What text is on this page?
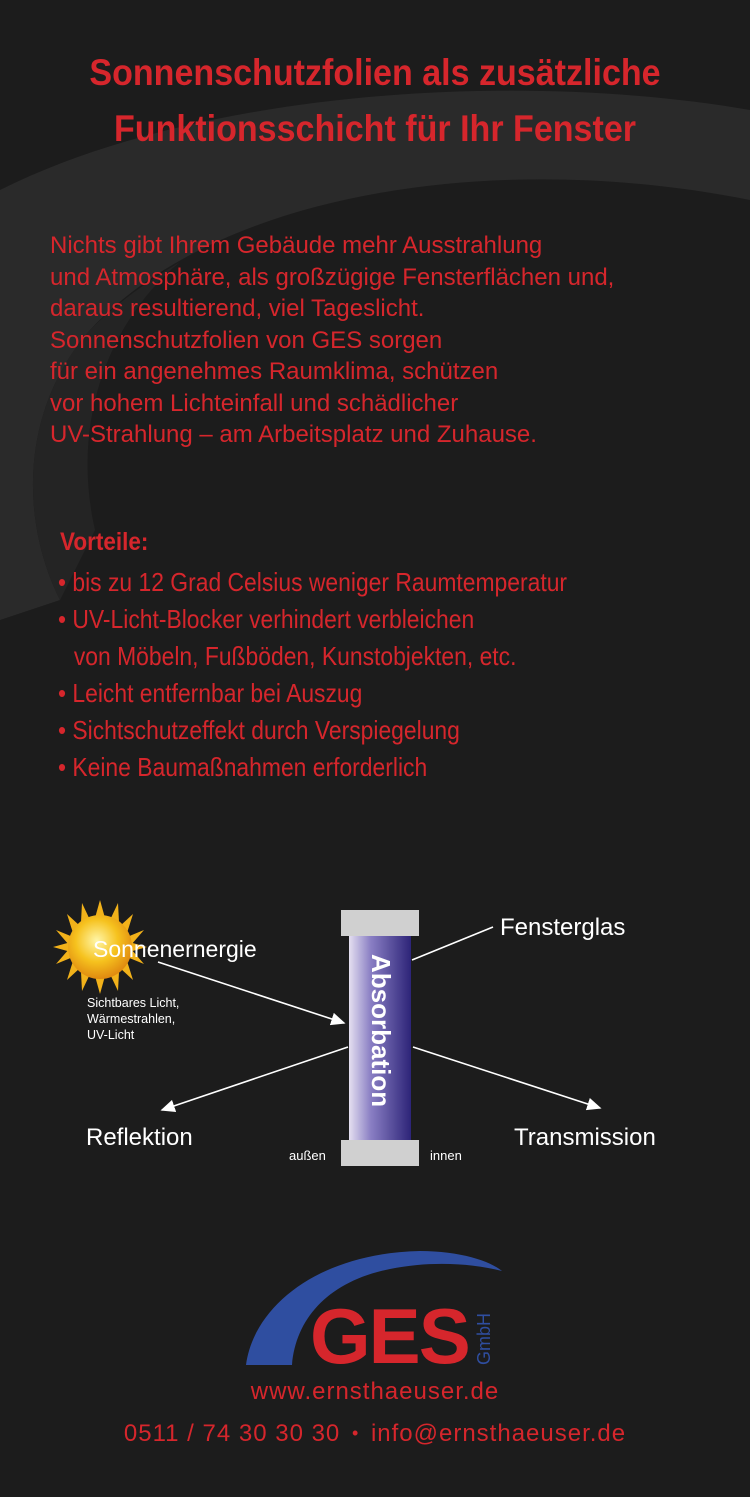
Sonnenschutzfolien als zusätzliche
Funktionsschicht für Ihr Fenster
Nichts gibt Ihrem Gebäude mehr Ausstrahlung
und Atmosphäre, als großzügige Fensterflächen und,
daraus resultierend, viel Tageslicht.
Sonnenschutzfolien von GES sorgen
für ein angenehmes Raumklima, schützen
vor hohem Lichteinfall und schädlicher
UV-Strahlung – am Arbeitsplatz und Zuhause.
Vorteile:
• bis zu 12 Grad Celsius weniger Raumtemperatur
• UV-Licht-Blocker verhindert verbleichen
von Möbeln, Fußböden, Kunstobjekten, etc.
• Leicht entfernbar bei Auszug
• Sichtschutzeffekt durch Verspiegelung
• Keine Baumaßnahmen erforderlich
Absorbation
Sonnenernergie
Sichtbares Licht,
Wärmestrahlen,
UV-Licht
Fensterglas
Reflektion	Transmission
außen	innen
GES GmbH
www.ernsthaeuser.de
0511 / 74 30 30 30 • info@ernsthaeuser.de
